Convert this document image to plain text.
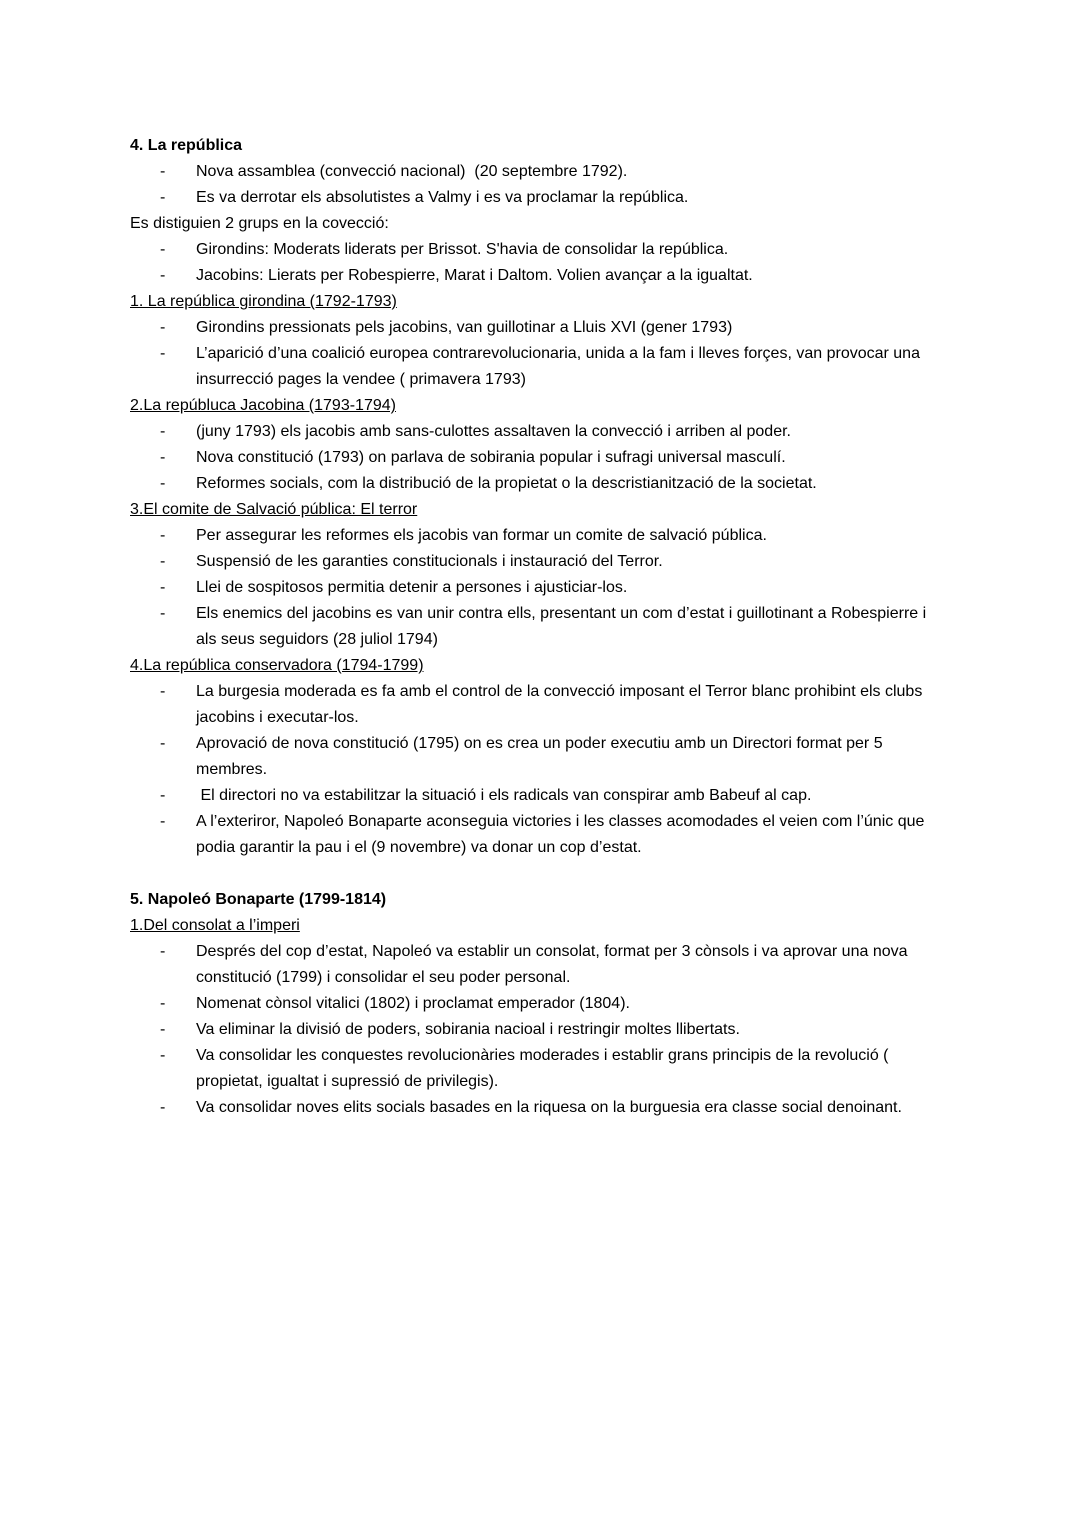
4. La república
-	Nova assamblea (convecció nacional)  (20 septembre 1792).
-	Es va derrotar els absolutistes a Valmy i es va proclamar la república.
Es distiguien 2 grups en la covecció:
-	Girondins: Moderats liderats per Brissot. S'havia de consolidar la república.
-	Jacobins: Lierats per Robespierre, Marat i Daltom. Volien avançar a la igualtat.
1. La república girondina (1792-1793)
-	Girondins pressionats pels jacobins, van guillotinar a Lluis XVI (gener 1793)
-	L’aparició d’una coalició europea contrarevolucionaria, unida a la fam i lleves forçes, van provocar una insurrecció pages la vendee ( primavera 1793)
2.La repúbluca Jacobina (1793-1794)
-	(juny 1793) els jacobis amb sans-culottes assaltaven la convecció i arriben al poder.
-	Nova constitució (1793) on parlava de sobirania popular i sufragi universal masculí.
-	Reformes socials, com la distribució de la propietat o la descristianització de la societat.
3.El comite de Salvació pública: El terror
-	Per assegurar les reformes els jacobis van formar un comite de salvació pública.
-	Suspensió de les garanties constitucionals i instauració del Terror.
-	Llei de sospitosos permitia detenir a persones i ajusticiar-los.
-	Els enemics del jacobins es van unir contra ells, presentant un com d’estat i guillotinant a Robespierre i als seus seguidors (28 juliol 1794)
4.La república conservadora (1794-1799)
-	La burgesia moderada es fa amb el control de la convecció imposant el Terror blanc prohibint els clubs jacobins i executar-los.
-	Aprovació de nova constitució (1795) on es crea un poder executiu amb un Directori format per 5 membres.
-	El directori no va estabilitzar la situació i els radicals van conspirar amb Babeuf al cap.
-	A l’exteriror, Napoleó Bonaparte aconseguia victories i les classes acomodades el veien com l’únic que podia garantir la pau i el (9 novembre) va donar un cop d’estat.
5. Napoleó Bonaparte (1799-1814)
1.Del consolat a l’imperi
-	Després del cop d’estat, Napoleó va establir un consolat, format per 3 cònsols i va aprovar una nova constitució (1799) i consolidar el seu poder personal.
-	Nomenat cònsol vitalici (1802) i proclamat emperador (1804).
-	Va eliminar la divisió de poders, sobirania nacioal i restringir moltes llibertats.
-	Va consolidar les conquestes revolucionàries moderades i establir grans principis de la revolució ( propietat, igualtat i supressió de privilegis).
-	Va consolidar noves elits socials basades en la riquesa on la burguesia era classe social denoinant.
